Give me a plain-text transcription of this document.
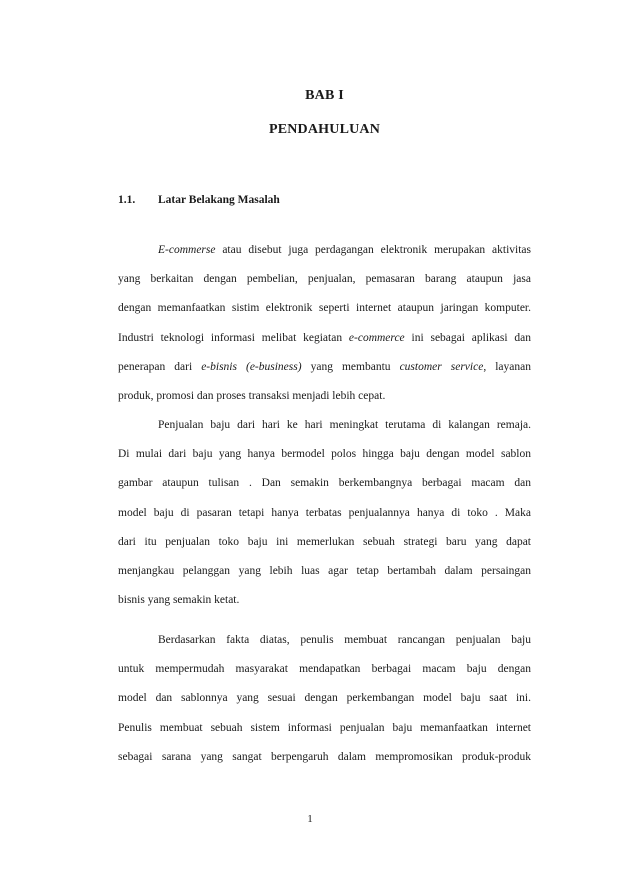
BAB I
PENDAHULUAN
1.1. Latar Belakang Masalah
E-commerse atau disebut juga perdagangan elektronik merupakan aktivitas
yang berkaitan dengan pembelian, penjualan, pemasaran barang ataupun jasa
dengan memanfaatkan sistim elektronik seperti internet ataupun jaringan komputer.
Industri teknologi informasi melibat kegiatan e-commerce ini sebagai aplikasi dan
penerapan dari e-bisnis (e-business) yang membantu customer service, layanan
produk, promosi dan proses transaksi menjadi lebih cepat.
Penjualan baju dari hari ke hari meningkat terutama di kalangan remaja.
Di mulai dari baju yang hanya bermodel polos hingga baju dengan model sablon
gambar ataupun tulisan . Dan semakin berkembangnya berbagai macam dan
model baju di pasaran tetapi hanya terbatas penjualannya hanya di toko . Maka
dari itu penjualan toko baju ini memerlukan sebuah strategi baru yang dapat
menjangkau pelanggan yang lebih luas agar tetap bertambah dalam persaingan
bisnis yang semakin ketat.
Berdasarkan fakta diatas, penulis membuat rancangan penjualan baju
untuk mempermudah masyarakat mendapatkan berbagai macam baju dengan
model dan sablonnya yang sesuai dengan perkembangan model baju saat ini.
Penulis membuat sebuah sistem informasi penjualan baju memanfaatkan internet
sebagai sarana yang sangat berpengaruh dalam mempromosikan produk-produk
1
